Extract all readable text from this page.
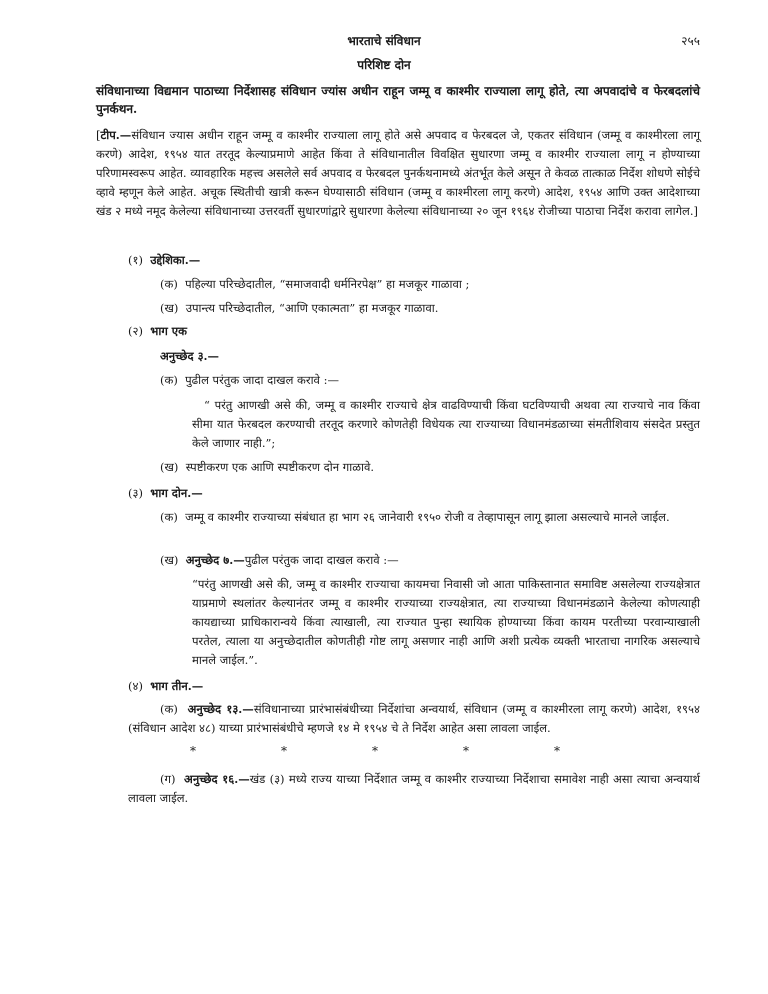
भारताचे संविधान	२५५
परिशिष्ट दोन
संविधानाच्या विद्यमान पाठाच्या निर्देशासह संविधान ज्यांस अधीन राहून जम्मू व काश्मीर राज्याला लागू होते, त्या अपवादांचे व फेरबदलांचे पुनर्कथन.
[टीप.—संविधान ज्यास अधीन राहून जम्मू व काश्मीर राज्याला लागू होते असे अपवाद व फेरबदल जे, एकतर संविधान (जम्मू व काश्मीरला लागू करणे) आदेश, १९५४ यात तरतूद केल्याप्रमाणे आहेत किंवा ते संविधानातील विवक्षित सुधारणा जम्मू व काश्मीर राज्याला लागू न होण्याच्या परिणामस्वरूप आहेत. व्यावहारिक महत्त्व असलेले सर्व अपवाद व फेरबदल पुनर्कथनामध्ये अंतर्भूत केले असून ते केवळ तात्काळ निर्देश शोधणे सोईचे व्हावे म्हणून केले आहेत. अचूक स्थितीची खात्री करून घेण्यासाठी संविधान (जम्मू व काश्मीरला लागू करणे) आदेश, १९५४ आणि उक्त आदेशाच्या खंड २ मध्ये नमूद केलेल्या संविधानाच्या उत्तरवर्ती सुधारणांद्वारे सुधारणा केलेल्या संविधानाच्या २० जून १९६४ रोजीच्या पाठाचा निर्देश करावा लागेल.]
(१) उद्देशिका.—
(क) पहिल्या परिच्छेदातील, “समाजवादी धर्मनिरपेक्ष” हा मजकूर गाळावा ;
(ख) उपान्त्य परिच्छेदातील, “आणि एकात्मता” हा मजकूर गाळावा.
(२) भाग एक
अनुच्छेद ३.—
(क) पुढील परंतुक जादा दाखल करावे :—
“ परंतु आणखी असे की, जम्मू व काश्मीर राज्याचे क्षेत्र वाढविण्याची किंवा घटविण्याची अथवा त्या राज्याचे नाव किंवा सीमा यात फेरबदल करण्याची तरतूद करणारे कोणतेही विधेयक त्या राज्याच्या विधानमंडळाच्या संमतीशिवाय संसदेत प्रस्तुत केले जाणार नाही.”;
(ख) स्पष्टीकरण एक आणि स्पष्टीकरण दोन गाळावे.
(३) भाग दोन.—
(क) जम्मू व काश्मीर राज्याच्या संबंधात हा भाग २६ जानेवारी १९५० रोजी व तेव्हापासून लागू झाला असल्याचे मानले जाईल.
(ख) अनुच्छेद ७.—पुढील परंतुक जादा दाखल करावे :—
“परंतु आणखी असे की, जम्मू व काश्मीर राज्याचा कायमचा निवासी जो आता पाकिस्तानात समाविष्ट असलेल्या राज्यक्षेत्रात याप्रमाणे स्थलांतर केल्यानंतर जम्मू व काश्मीर राज्याच्या राज्यक्षेत्रात, त्या राज्याच्या विधानमंडळाने केलेल्या कोणत्याही कायद्याच्या प्राधिकारान्वये किंवा त्याखाली, त्या राज्यात पुन्हा स्थायिक होण्याच्या किंवा कायम परतीच्या परवान्याखाली परतेल, त्याला या अनुच्छेदातील कोणतीही गोष्ट लागू असणार नाही आणि अशी प्रत्येक व्यक्ती भारताचा नागरिक असल्याचे मानले जाईल.”.
(४) भाग तीन.—
(क) अनुच्छेद १३.—संविधानाच्या प्रारंभासंबंधीच्या निर्देशांचा अन्वयार्थ, संविधान (जम्मू व काश्मीरला लागू करणे) आदेश, १९५४ (संविधान आदेश ४८) याच्या प्रारंभासंबंधीचे म्हणजे १४ मे १९५४ चे ते निर्देश आहेत असा लावला जाईल.
*	*	*	*	*
(ग) अनुच्छेद १६.—खंड (३) मध्ये राज्य याच्या निर्देशात जम्मू व काश्मीर राज्याच्या निर्देशाचा समावेश नाही असा त्याचा अन्वयार्थ लावला जाईल.
